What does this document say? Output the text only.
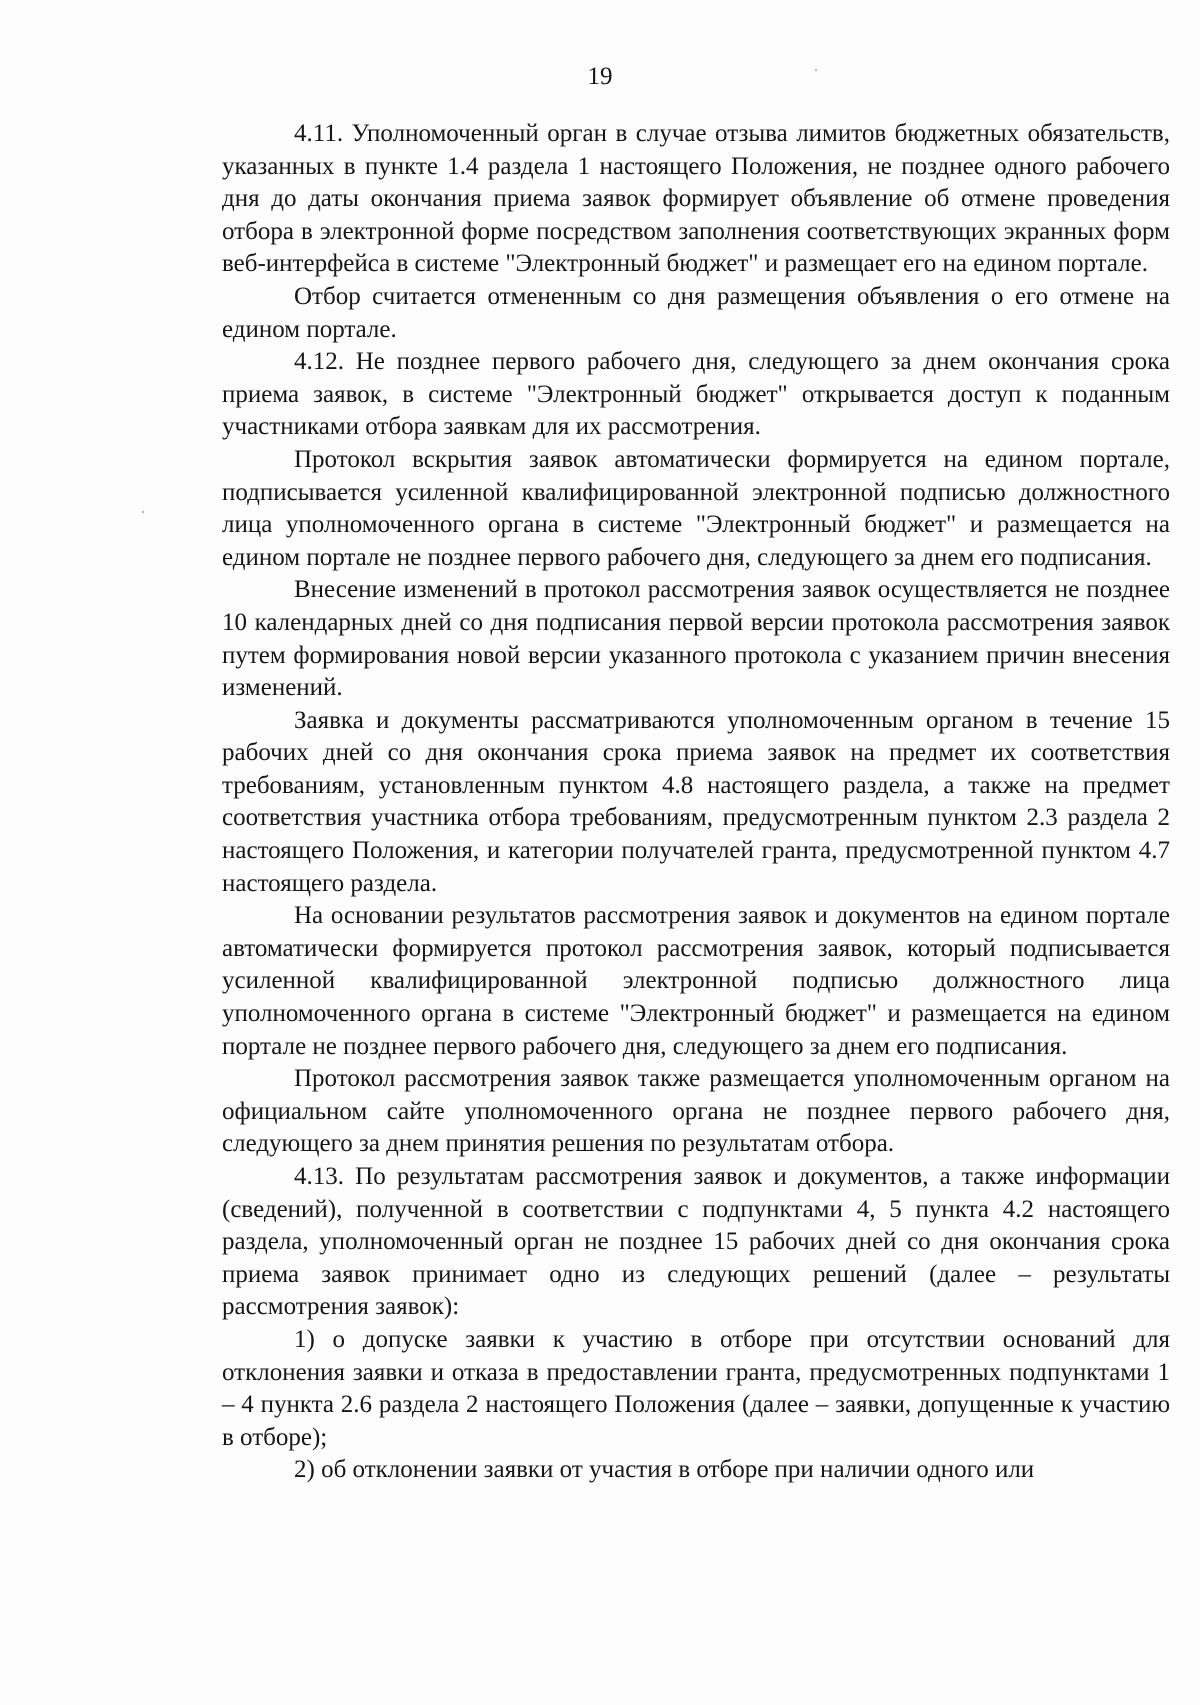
19

4.11. Уполномоченный орган в случае отзыва лимитов бюджетных обязательств, указанных в пункте 1.4 раздела 1 настоящего Положения, не позднее одного рабочего дня до даты окончания приема заявок формирует объявление об отмене проведения отбора в электронной форме посредством заполнения соответствующих экранных форм веб-интерфейса в системе "Электронный бюджет" и размещает его на едином портале.

Отбор считается отмененным со дня размещения объявления о его отмене на едином портале.

4.12. Не позднее первого рабочего дня, следующего за днем окончания срока приема заявок, в системе "Электронный бюджет" открывается доступ к поданным участниками отбора заявкам для их рассмотрения.

Протокол вскрытия заявок автоматически формируется на едином портале, подписывается усиленной квалифицированной электронной подписью должностного лица уполномоченного органа в системе "Электронный бюджет" и размещается на едином портале не позднее первого рабочего дня, следующего за днем его подписания.

Внесение изменений в протокол рассмотрения заявок осуществляется не позднее 10 календарных дней со дня подписания первой версии протокола рассмотрения заявок путем формирования новой версии указанного протокола с указанием причин внесения изменений.

Заявка и документы рассматриваются уполномоченным органом в течение 15 рабочих дней со дня окончания срока приема заявок на предмет их соответствия требованиям, установленным пунктом 4.8 настоящего раздела, а также на предмет соответствия участника отбора требованиям, предусмотренным пунктом 2.3 раздела 2 настоящего Положения, и категории получателей гранта, предусмотренной пунктом 4.7 настоящего раздела.

На основании результатов рассмотрения заявок и документов на едином портале автоматически формируется протокол рассмотрения заявок, который подписывается усиленной квалифицированной электронной подписью должностного лица уполномоченного органа в системе "Электронный бюджет" и размещается на едином портале не позднее первого рабочего дня, следующего за днем его подписания.

Протокол рассмотрения заявок также размещается уполномоченным органом на официальном сайте уполномоченного органа не позднее первого рабочего дня, следующего за днем принятия решения по результатам отбора.

4.13. По результатам рассмотрения заявок и документов, а также информации (сведений), полученной в соответствии с подпунктами 4, 5 пункта 4.2 настоящего раздела, уполномоченный орган не позднее 15 рабочих дней со дня окончания срока приема заявок принимает одно из следующих решений (далее – результаты рассмотрения заявок):

1) о допуске заявки к участию в отборе при отсутствии оснований для отклонения заявки и отказа в предоставлении гранта, предусмотренных подпунктами 1 – 4 пункта 2.6 раздела 2 настоящего Положения (далее – заявки, допущенные к участию в отборе);

2) об отклонении заявки от участия в отборе при наличии одного или
